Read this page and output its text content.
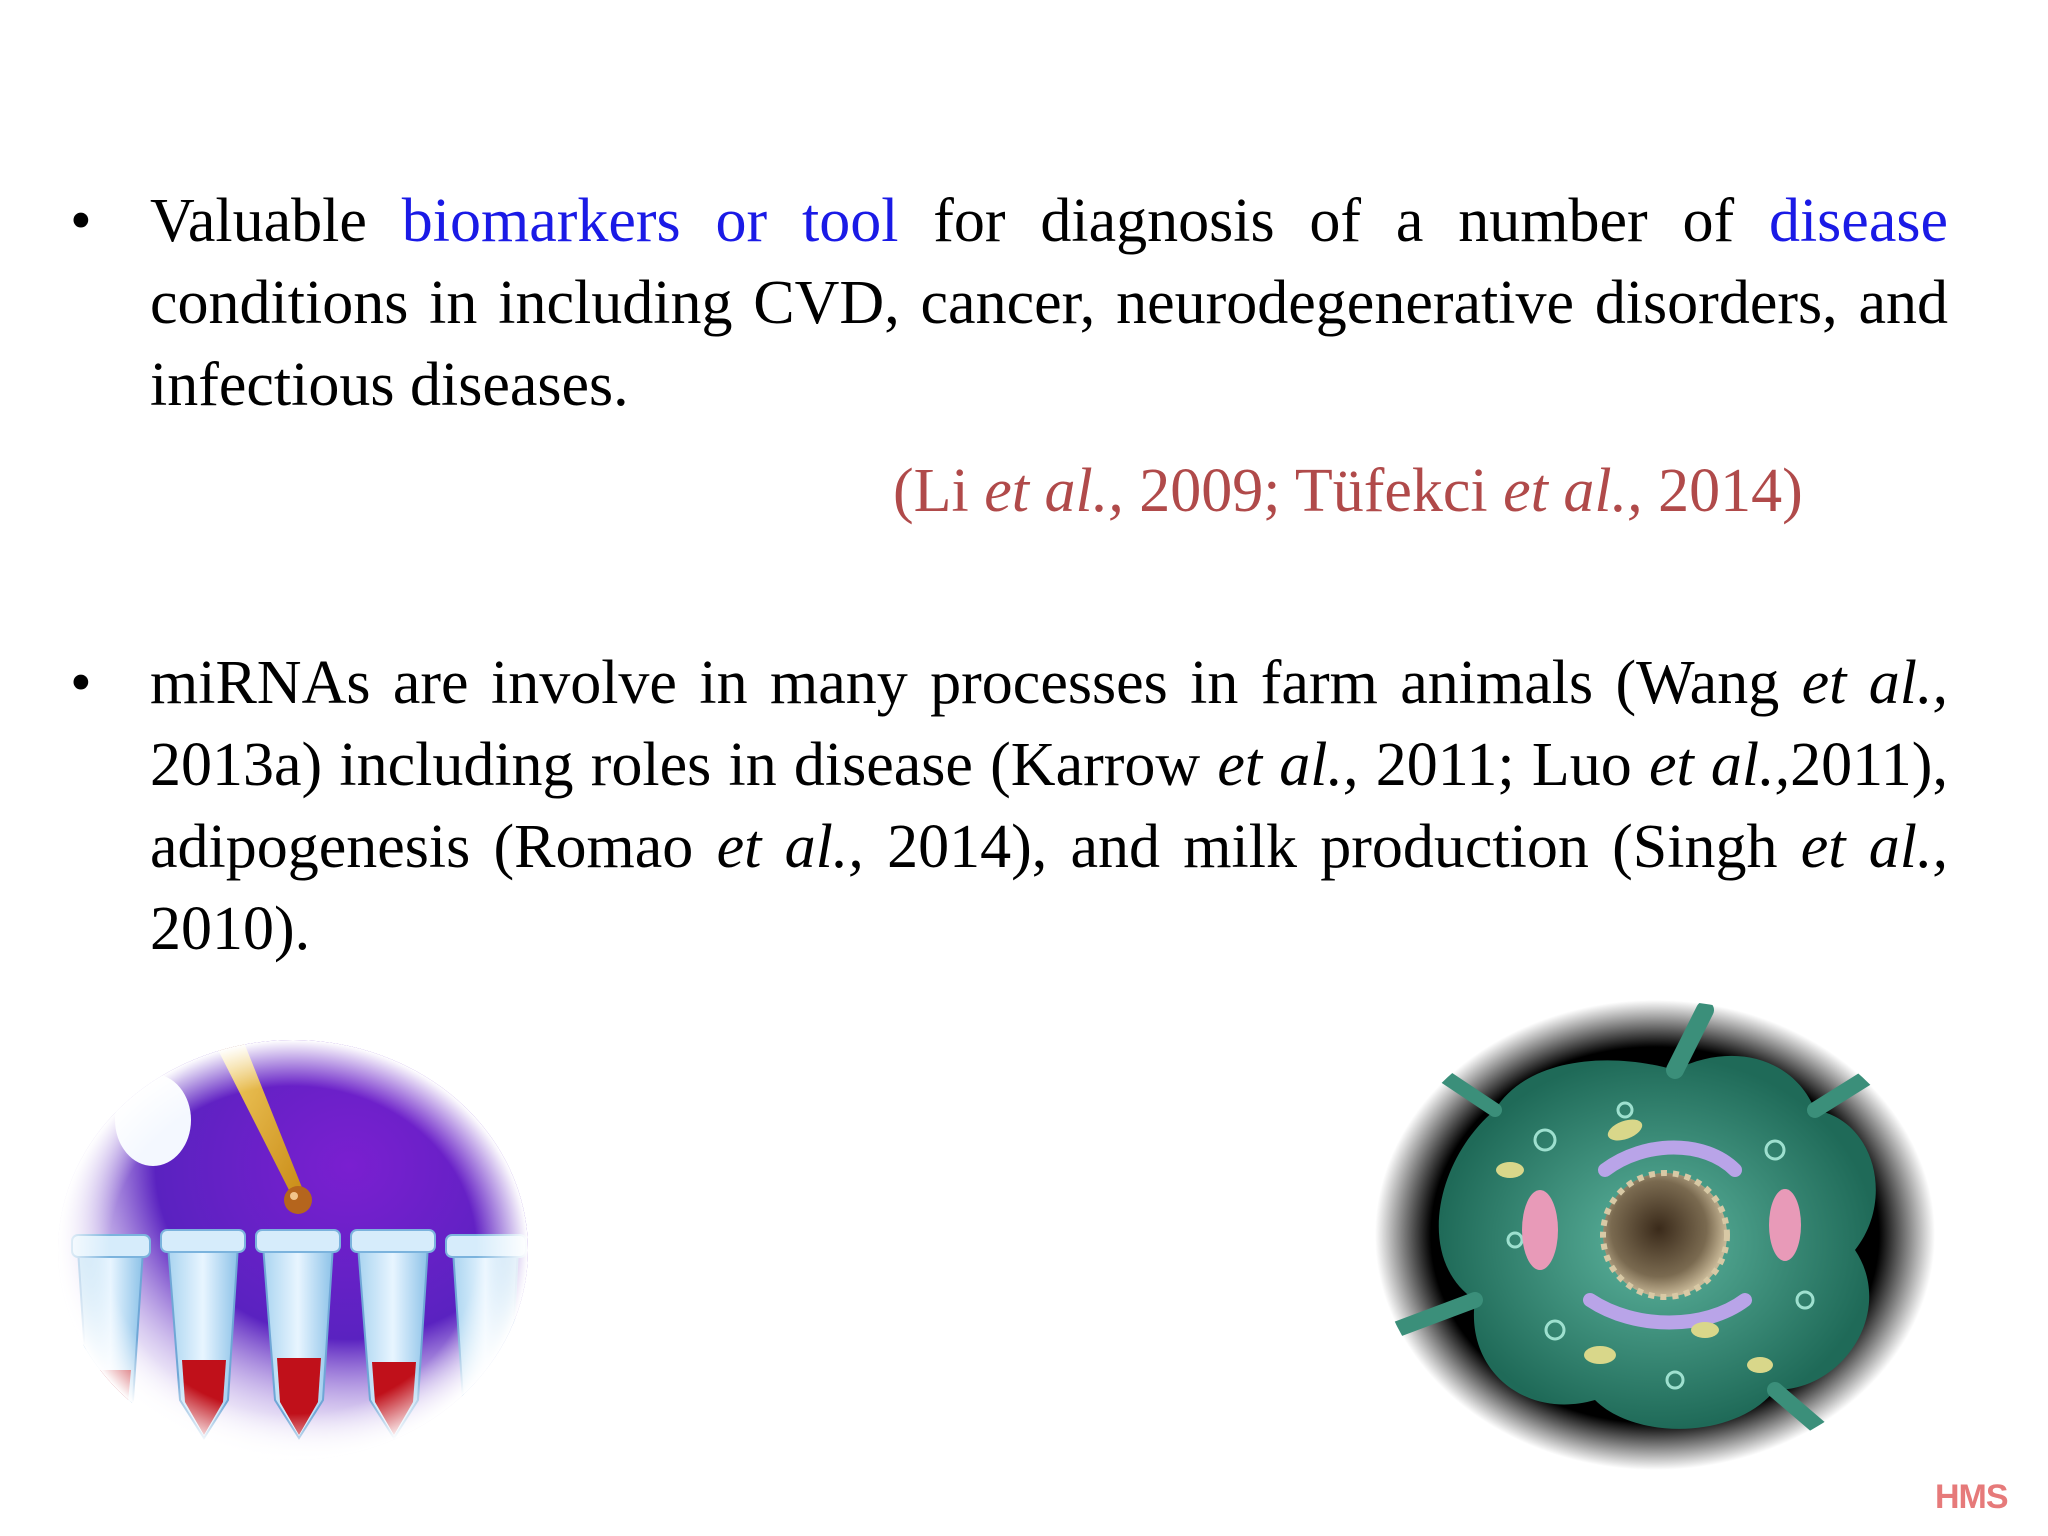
• Valuable biomarkers or tool for diagnosis of a number of disease conditions in including CVD, cancer, neurodegenerative disorders, and infectious diseases.
(Li et al., 2009; Tüfekci et al., 2014)
• miRNAs are involve in many processes in farm animals (Wang et al., 2013a) including roles in disease (Karrow et al., 2011; Luo et al.,2011), adipogenesis (Romao et al., 2014), and milk production (Singh et al., 2010).
HMS
